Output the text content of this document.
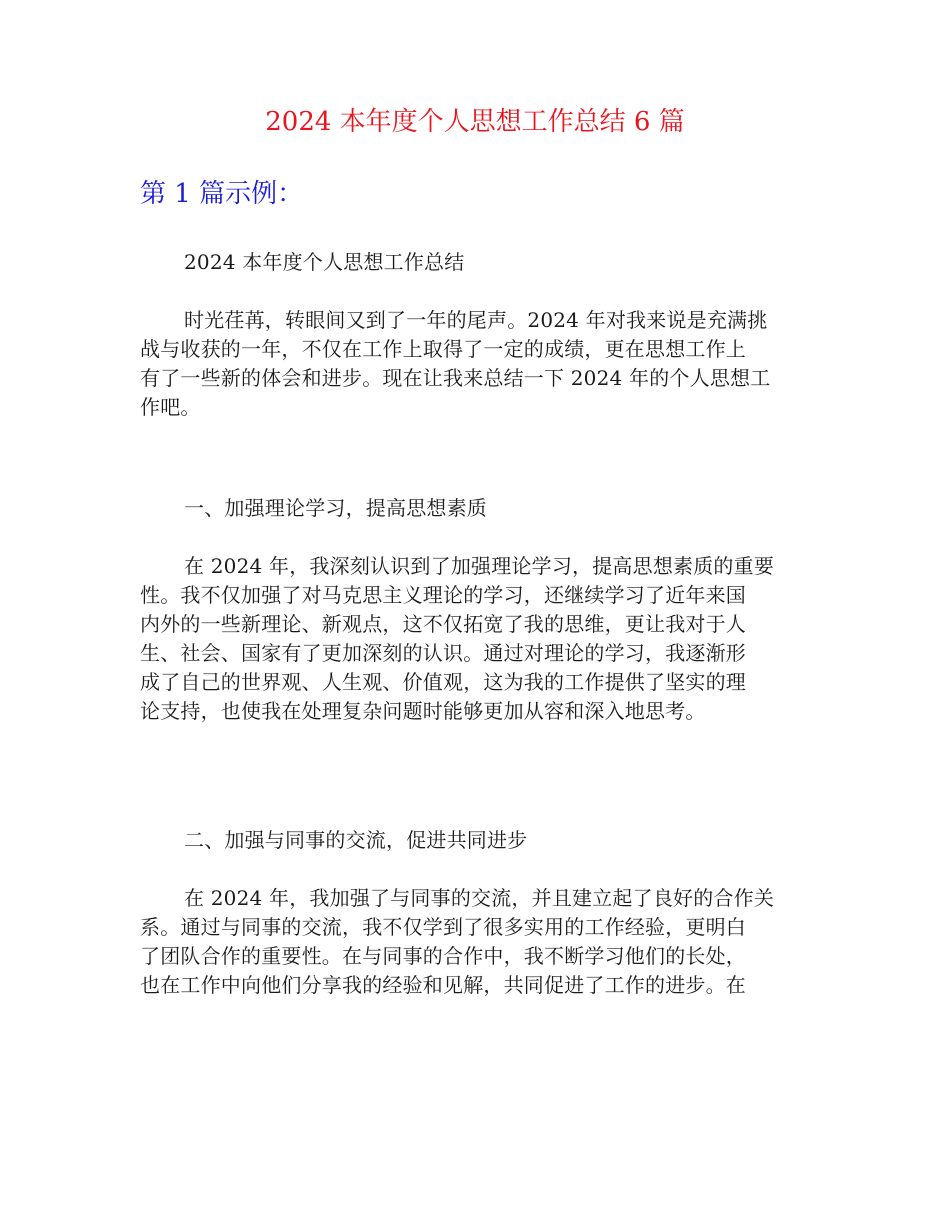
2024 本年度个人思想工作总结 6 篇
第 1 篇示例：
2024 本年度个人思想工作总结
时光荏苒，转眼间又到了一年的尾声。2024 年对我来说是充满挑
战与收获的一年，不仅在工作上取得了一定的成绩，更在思想工作上
有了一些新的体会和进步。现在让我来总结一下 2024 年的个人思想工
作吧。
一、加强理论学习，提高思想素质
在 2024 年，我深刻认识到了加强理论学习，提高思想素质的重要
性。我不仅加强了对马克思主义理论的学习，还继续学习了近年来国
内外的一些新理论、新观点，这不仅拓宽了我的思维，更让我对于人
生、社会、国家有了更加深刻的认识。通过对理论的学习，我逐渐形
成了自己的世界观、人生观、价值观，这为我的工作提供了坚实的理
论支持，也使我在处理复杂问题时能够更加从容和深入地思考。
二、加强与同事的交流，促进共同进步
在 2024 年，我加强了与同事的交流，并且建立起了良好的合作关
系。通过与同事的交流，我不仅学到了很多实用的工作经验，更明白
了团队合作的重要性。在与同事的合作中，我不断学习他们的长处，
也在工作中向他们分享我的经验和见解，共同促进了工作的进步。在
